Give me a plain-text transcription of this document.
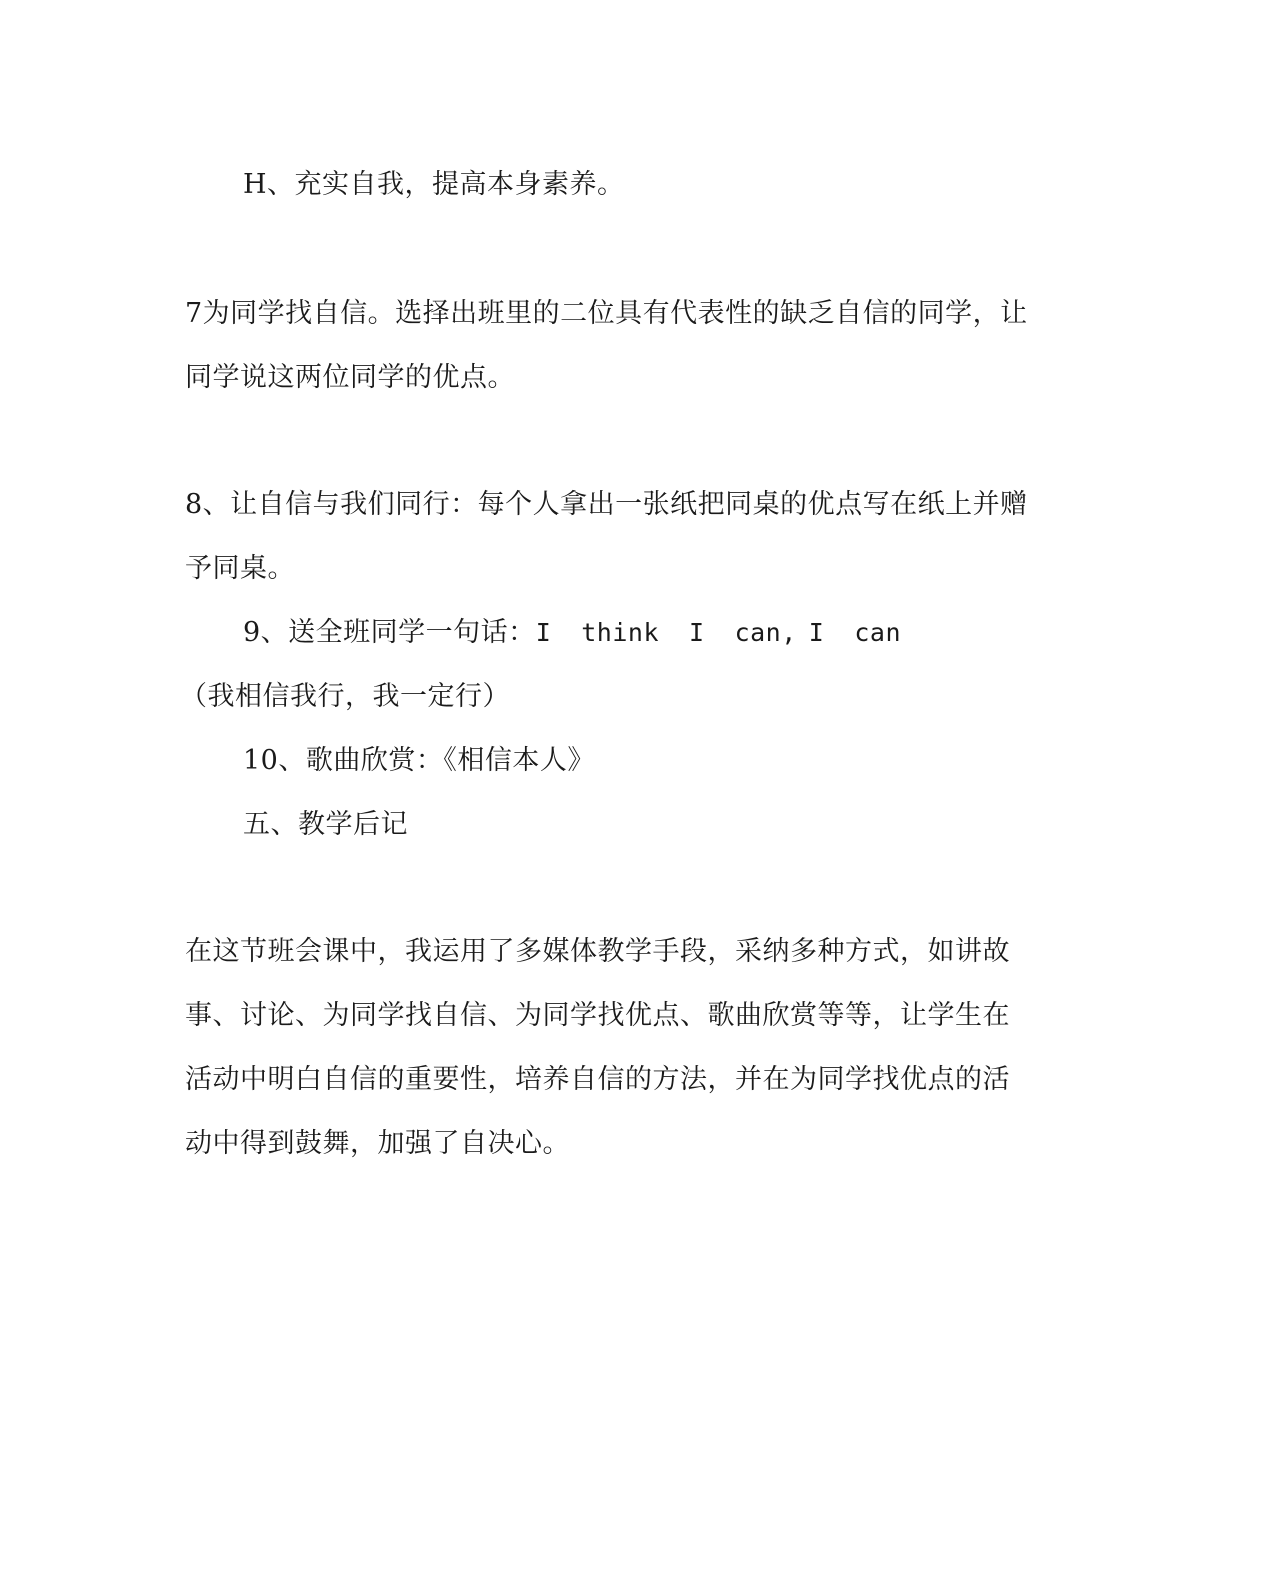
H、充实自我，提高本身素养。
7为同学找自信。选择出班里的二位具有代表性的缺乏自信的同学，让
同学说这两位同学的优点。
8、让自信与我们同行：每个人拿出一张纸把同桌的优点写在纸上并赠
予同桌。
9、送全班同学一句话：I think I can, I can
（我相信我行，我一定行）
10、歌曲欣赏：《相信本人》
五、教学后记
在这节班会课中，我运用了多媒体教学手段，采纳多种方式，如讲故
事、讨论、为同学找自信、为同学找优点、歌曲欣赏等等，让学生在
活动中明白自信的重要性，培养自信的方法，并在为同学找优点的活
动中得到鼓舞，加强了自决心。
